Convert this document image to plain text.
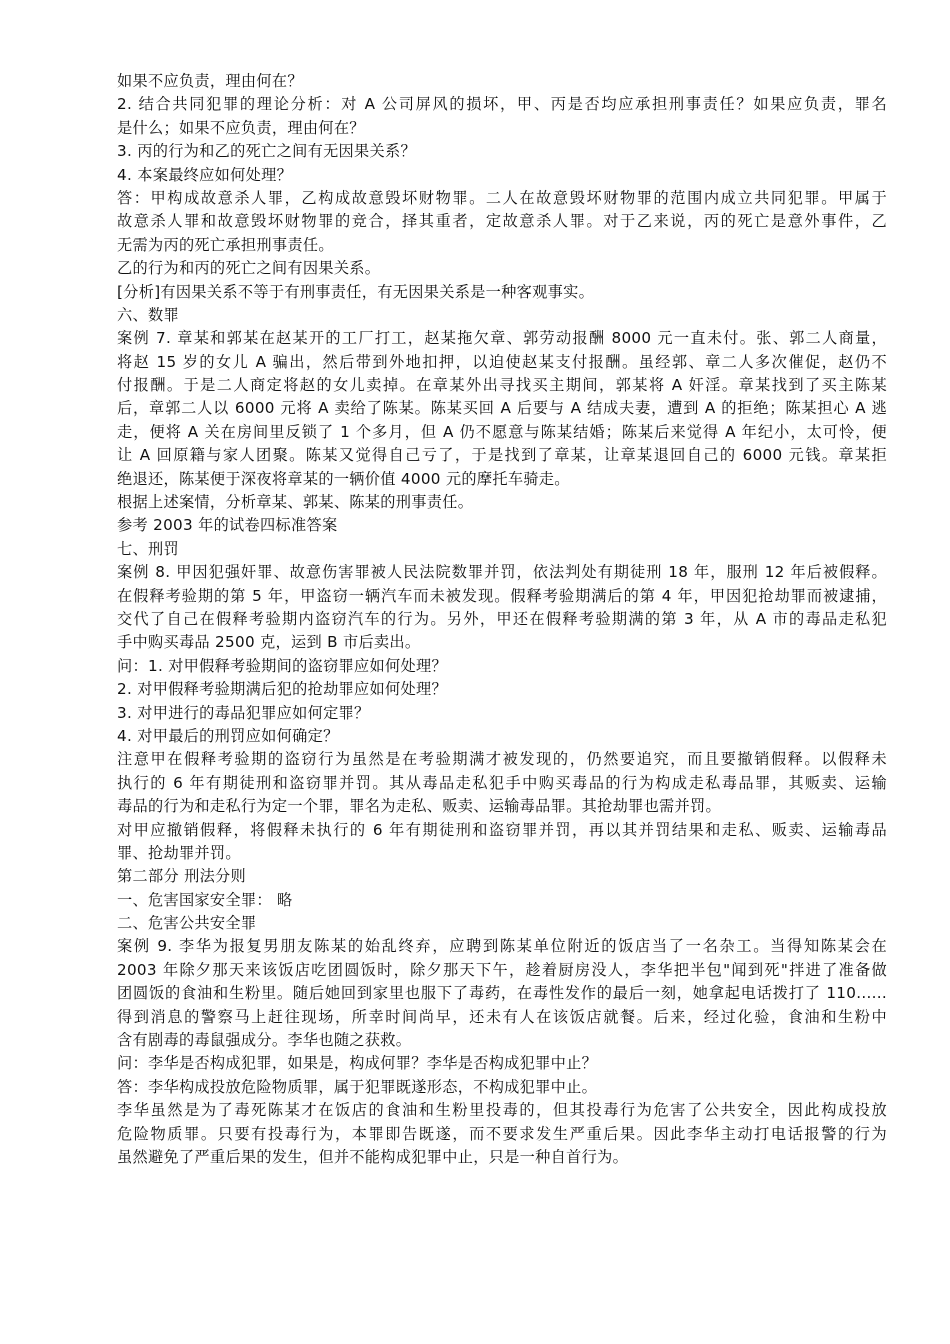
如果不应负责，理由何在？
2. 结合共同犯罪的理论分析：对 A 公司屏风的损坏，甲、丙是否均应承担刑事责任？如果应负责，罪名
是什么；如果不应负责，理由何在？
3. 丙的行为和乙的死亡之间有无因果关系？
4. 本案最终应如何处理？
答：甲构成故意杀人罪，乙构成故意毁坏财物罪。二人在故意毁坏财物罪的范围内成立共同犯罪。甲属于
故意杀人罪和故意毁坏财物罪的竞合，择其重者，定故意杀人罪。对于乙来说，丙的死亡是意外事件，乙
无需为丙的死亡承担刑事责任。
乙的行为和丙的死亡之间有因果关系。
[分析]有因果关系不等于有刑事责任，有无因果关系是一种客观事实。
六、数罪
案例 7. 章某和郭某在赵某开的工厂打工，赵某拖欠章、郭劳动报酬 8000 元一直未付。张、郭二人商量，
将赵 15 岁的女儿 A 骗出，然后带到外地扣押，以迫使赵某支付报酬。虽经郭、章二人多次催促，赵仍不
付报酬。于是二人商定将赵的女儿卖掉。在章某外出寻找买主期间，郭某将 A 奸淫。章某找到了买主陈某
后，章郭二人以 6000 元将 A 卖给了陈某。陈某买回 A 后要与 A 结成夫妻，遭到 A 的拒绝；陈某担心 A 逃
走，便将 A 关在房间里反锁了 1 个多月，但 A 仍不愿意与陈某结婚；陈某后来觉得 A 年纪小，太可怜，便
让 A 回原籍与家人团聚。陈某又觉得自己亏了，于是找到了章某，让章某退回自己的 6000 元钱。章某拒
绝退还，陈某便于深夜将章某的一辆价值 4000 元的摩托车骑走。
根据上述案情，分析章某、郭某、陈某的刑事责任。
参考 2003 年的试卷四标准答案
七、刑罚
案例 8. 甲因犯强奸罪、故意伤害罪被人民法院数罪并罚，依法判处有期徒刑 18 年，服刑 12 年后被假释。
在假释考验期的第 5 年，甲盗窃一辆汽车而未被发现。假释考验期满后的第 4 年，甲因犯抢劫罪而被逮捕，
交代了自己在假释考验期内盗窃汽车的行为。另外，甲还在假释考验期满的第 3 年，从 A 市的毒品走私犯
手中购买毒品 2500 克，运到 B 市后卖出。
问：1. 对甲假释考验期间的盗窃罪应如何处理？
2. 对甲假释考验期满后犯的抢劫罪应如何处理？
3. 对甲进行的毒品犯罪应如何定罪？
4. 对甲最后的刑罚应如何确定？
注意甲在假释考验期的盗窃行为虽然是在考验期满才被发现的，仍然要追究，而且要撤销假释。以假释未
执行的 6 年有期徒刑和盗窃罪并罚。其从毒品走私犯手中购买毒品的行为构成走私毒品罪，其贩卖、运输
毒品的行为和走私行为定一个罪，罪名为走私、贩卖、运输毒品罪。其抢劫罪也需并罚。
对甲应撤销假释，将假释未执行的 6 年有期徒刑和盗窃罪并罚，再以其并罚结果和走私、贩卖、运输毒品
罪、抢劫罪并罚。
第二部分 刑法分则
一、危害国家安全罪： 略
二、危害公共安全罪
案例 9. 李华为报复男朋友陈某的始乱终弃，应聘到陈某单位附近的饭店当了一名杂工。当得知陈某会在
2003 年除夕那天来该饭店吃团圆饭时，除夕那天下午，趁着厨房没人，李华把半包"闻到死"拌进了准备做
团圆饭的食油和生粉里。随后她回到家里也服下了毒药，在毒性发作的最后一刻，她拿起电话拨打了 110......
得到消息的警察马上赶往现场，所幸时间尚早，还未有人在该饭店就餐。后来，经过化验，食油和生粉中
含有剧毒的毒鼠强成分。李华也随之获救。
问：李华是否构成犯罪，如果是，构成何罪？李华是否构成犯罪中止？
答：李华构成投放危险物质罪，属于犯罪既遂形态，不构成犯罪中止。
李华虽然是为了毒死陈某才在饭店的食油和生粉里投毒的，但其投毒行为危害了公共安全，因此构成投放
危险物质罪。只要有投毒行为，本罪即告既遂，而不要求发生严重后果。因此李华主动打电话报警的行为
虽然避免了严重后果的发生，但并不能构成犯罪中止，只是一种自首行为。
